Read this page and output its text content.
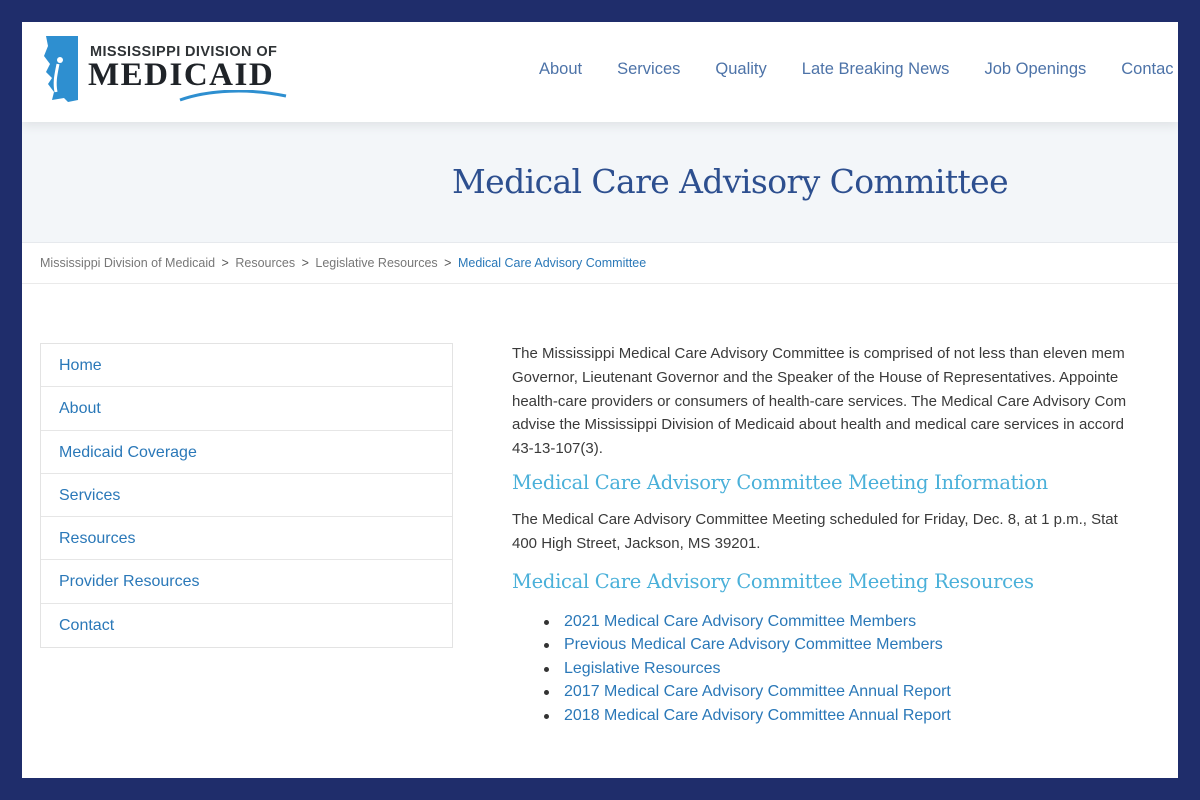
MISSISSIPPI DIVISION OF
MEDICAID	About Services Quality Late Breaking News Job Openings Contac
Medical Care Advisory Committee
Mississippi Division of Medicaid > Resources > Legislative Resources > Medical Care Advisory Committee
Home
About
Medicaid Coverage
Services
Resources
Provider Resources
Contact
The Mississippi Medical Care Advisory Committee is comprised of not less than eleven mem
Governor, Lieutenant Governor and the Speaker of the House of Representatives. Appointe
health-care providers or consumers of health-care services. The Medical Care Advisory Com
advise the Mississippi Division of Medicaid about health and medical care services in accord
43-13-107(3).
Medical Care Advisory Committee Meeting Information
The Medical Care Advisory Committee Meeting scheduled for Friday, Dec. 8, at 1 p.m., Stat
400 High Street, Jackson, MS 39201.
Medical Care Advisory Committee Meeting Resources
2021 Medical Care Advisory Committee Members
Previous Medical Care Advisory Committee Members
Legislative Resources
2017 Medical Care Advisory Committee Annual Report
2018 Medical Care Advisory Committee Annual Report
